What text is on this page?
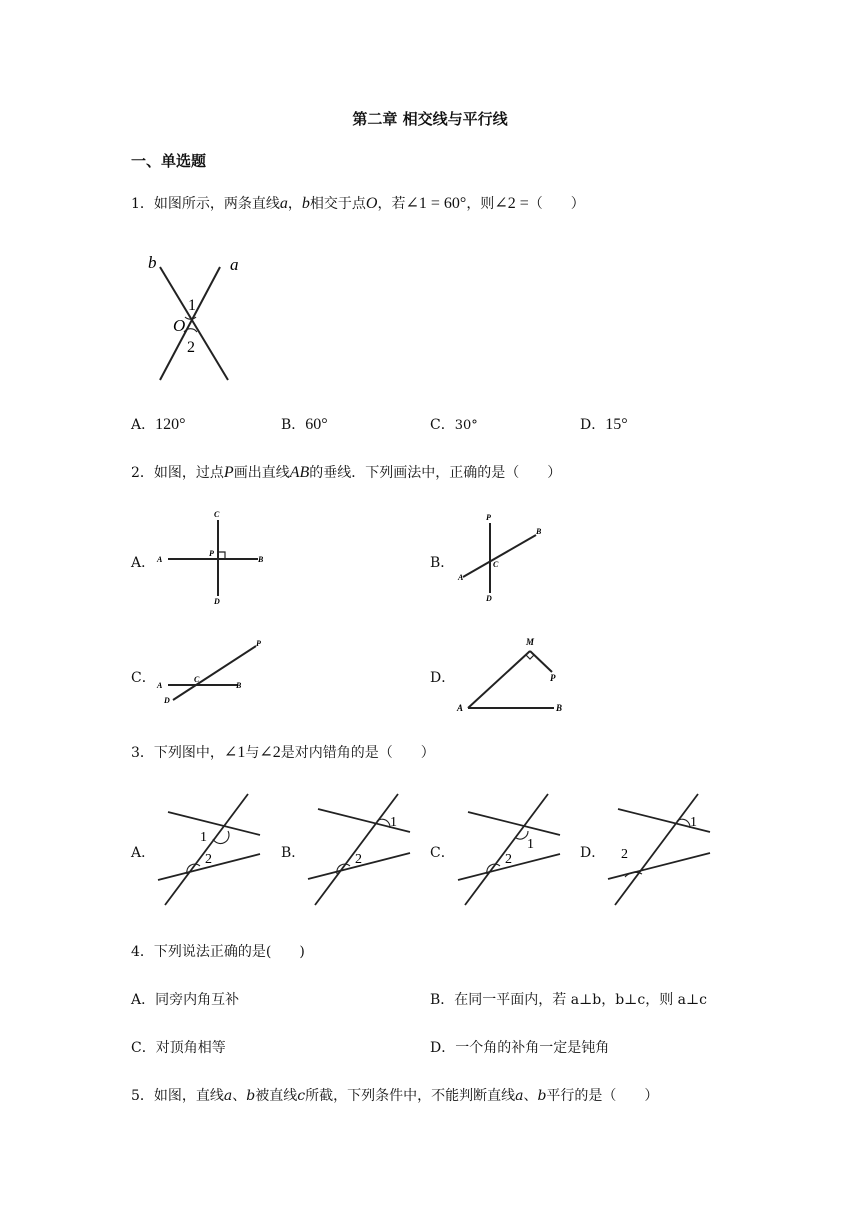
第二章 相交线与平行线
一、单选题
1．如图所示，两条直线a，b相交于点O，若∠1 = 60°，则∠2 =（　　）
b	a
1
O
2
A．120°	B．60°	C．30°	D．15°
2．如图，过点P画出直线AB的垂线．下列画法中，正确的是（　　）
A．
C
A
P
B
D
B．
P
B
C
A
D
C．
P
A
C
B
D
D．
M
P
A	B
3．下列图中，∠1与∠2是对内错角的是（　　）
A．
1
2	B．
1
2	C．
1
2	D．
1
2
4．下列说法正确的是(　　)
A．同旁内角互补	B．在同一平面内，若 a⊥b，b⊥c，则 a⊥c
C．对顶角相等	D．一个角的补角一定是钝角
5．如图，直线a、b被直线c所截，下列条件中，不能判断直线a、b平行的是（　　）
